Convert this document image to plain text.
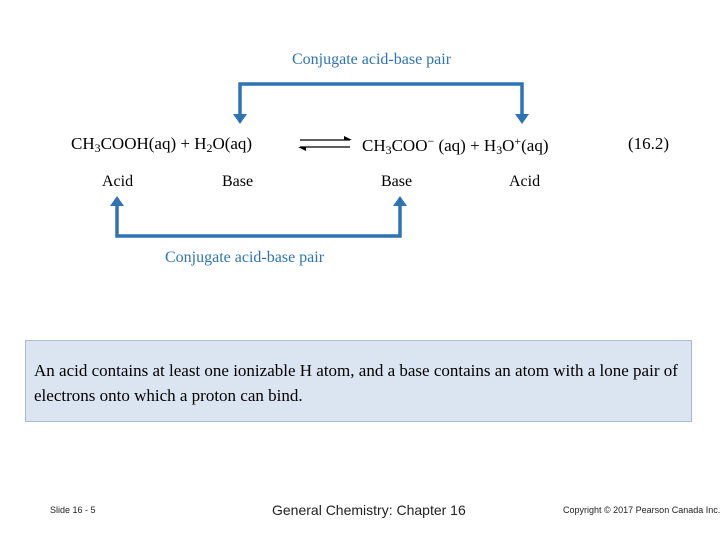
Conjugate acid-base pair
$CH_3COOH(aq) + H_2O(aq)$	$CH_3COO^-$ $(aq) + H_3O^+(aq)$	(16.2)
Acid	Base	Base	Acid
Conjugate acid-base pair
An acid contains at least one ionizable H atom, and a base contains an atom with a lone pair of electrons onto which a proton can bind.
Slide 16 - 5	General Chemistry: Chapter 16	Copyright © 2017 Pearson Canada Inc.
